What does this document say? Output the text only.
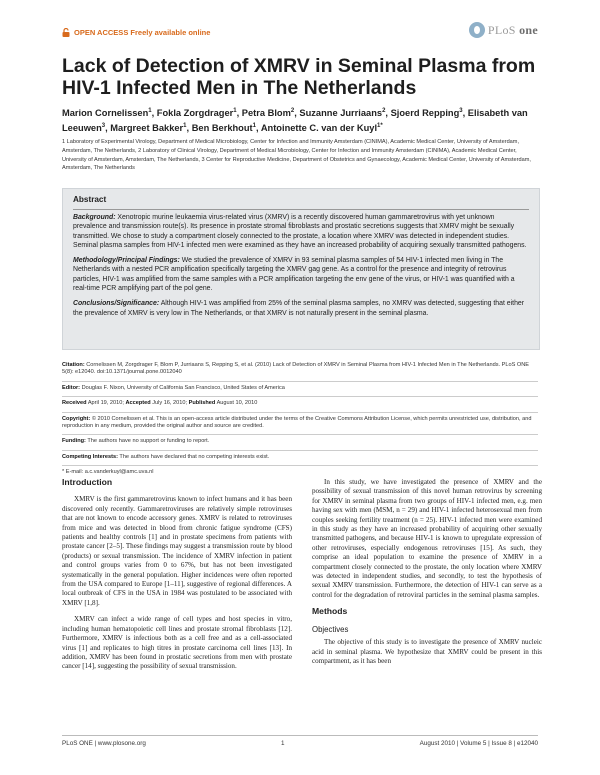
OPEN ACCESS Freely available online	PLoS one
Lack of Detection of XMRV in Seminal Plasma from HIV-1 Infected Men in The Netherlands
Marion Cornelissen$^1$, Fokla Zorgdrager$^1$, Petra Blom$^2$, Suzanne Jurriaans$^2$, Sjoerd Repping$^3$, Elisabeth van Leeuwen$^3$, Margreet Bakker$^1$, Ben Berkhout$^1$, Antoinette C. van der Kuyl$^{1*}$
1 Laboratory of Experimental Virology, Department of Medical Microbiology, Center for Infection and Immunity Amsterdam (CINIMA), Academic Medical Center, University of Amsterdam, Amsterdam, The Netherlands, 2 Laboratory of Clinical Virology, Department of Medical Microbiology, Center for Infection and Immunity Amsterdam (CINIMA), Academic Medical Center, University of Amsterdam, Amsterdam, The Netherlands, 3 Center for Reproductive Medicine, Department of Obstetrics and Gynaecology, Academic Medical Center, University of Amsterdam, Amsterdam, The Netherlands
Abstract

Background: Xenotropic murine leukaemia virus-related virus (XMRV) is a recently discovered human gammaretrovirus with yet unknown prevalence and transmission route(s). Its presence in prostate stromal fibroblasts and prostatic secretions suggests that XMRV might be sexually transmitted. We chose to study a compartment closely connected to the prostate, a location where XMRV was detected in independent studies. Seminal plasma samples from HIV-1 infected men were examined as they have an increased probability of acquiring sexually transmitted pathogens.

Methodology/Principal Findings: We studied the prevalence of XMRV in 93 seminal plasma samples of 54 HIV-1 infected men living in The Netherlands with a nested PCR amplification specifically targeting the XMRV gag gene. As a control for the presence and integrity of retrovirus particles, HIV-1 was amplified from the same samples with a PCR amplification targeting the env gene of the virus, or HIV-1 was quantified with a real-time PCR amplifying part of the pol gene.

Conclusions/Significance: Although HIV-1 was amplified from 25% of the seminal plasma samples, no XMRV was detected, suggesting that either the prevalence of XMRV is very low in The Netherlands, or that XMRV is not naturally present in the seminal plasma.

Citation: Cornelissen M, Zorgdrager F, Blom P, Jurriaans S, Repping S, et al. (2010) Lack of Detection of XMRV in Seminal Plasma from HIV-1 Infected Men in The Netherlands. PLoS ONE 5(8): e12040. doi:10.1371/journal.pone.0012040

Editor: Douglas F. Nixon, University of California San Francisco, United States of America

Received April 19, 2010; Accepted July 16, 2010; Published August 10, 2010

Copyright: © 2010 Cornelissen et al. This is an open-access article distributed under the terms of the Creative Commons Attribution License, which permits unrestricted use, distribution, and reproduction in any medium, provided the original author and source are credited.

Funding: The authors have no support or funding to report.

Competing Interests: The authors have declared that no competing interests exist.

* E-mail: a.c.vanderkuyl@amc.uva.nl

Introduction

XMRV is the first gammaretrovirus known to infect humans and it has been discovered only recently. Gammaretroviruses are relatively simple retroviruses that are not known to encode accessory genes. XMRV is related to retroviruses from mice and was detected in blood from chronic fatigue syndrome (CFS) patients and healthy controls [1] and in prostate specimens from patients with prostate cancer [2–5]. These findings may suggest a transmission route by blood (products) or sexual transmission. The incidence of XMRV infection in patient and control groups varies from 0 to 67%, but has not been investigated systematically in the general population. Higher incidences were often reported from the USA compared to Europe [1–11], suggestive of regional differences. A local outbreak of CFS in the USA in 1984 was postulated to be associated with XMRV [1,8].

XMRV can infect a wide range of cell types and host species in vitro, including human hematopoietic cell lines and prostate stromal fibroblasts [12]. Furthermore, XMRV is infectious both as a cell free and as a cell-associated virus [1] and replicates to high titres in prostate carcinoma cell lines [13]. In addition, XMRV has been found in prostatic secretions from men with prostate cancer [14], suggesting the possibility of sexual transmission.

In this study, we have investigated the presence of XMRV and the possibility of sexual transmission of this novel human retrovirus by screening for XMRV in seminal plasma from two groups of HIV-1 infected men, e.g. men having sex with men (MSM, n = 29) and HIV-1 infected heterosexual men from couples seeking fertility treatment (n = 25). HIV-1 infected men were examined in this study as they have an increased probability of acquiring other sexually transmitted pathogens, and because HIV-1 is known to upregulate expression of other retroviruses, especially endogenous retroviruses [15]. As such, they comprise an ideal population to examine the presence of XMRV in a compartment closely connected to the prostate, the only location where XMRV was detected in independent studies, and secondly, to test the hypothesis of sexual XMRV transmission. Furthermore, the detection of HIV-1 can serve as a control for the degradation of retroviral particles in the seminal plasma samples.

Methods
Objectives

The objective of this study is to investigate the presence of XMRV nucleic acid in seminal plasma. We hypothesize that XMRV could be present in this compartment, as it has been

PLoS ONE | www.plosone.org	1	August 2010 | Volume 5 | Issue 8 | e12040
